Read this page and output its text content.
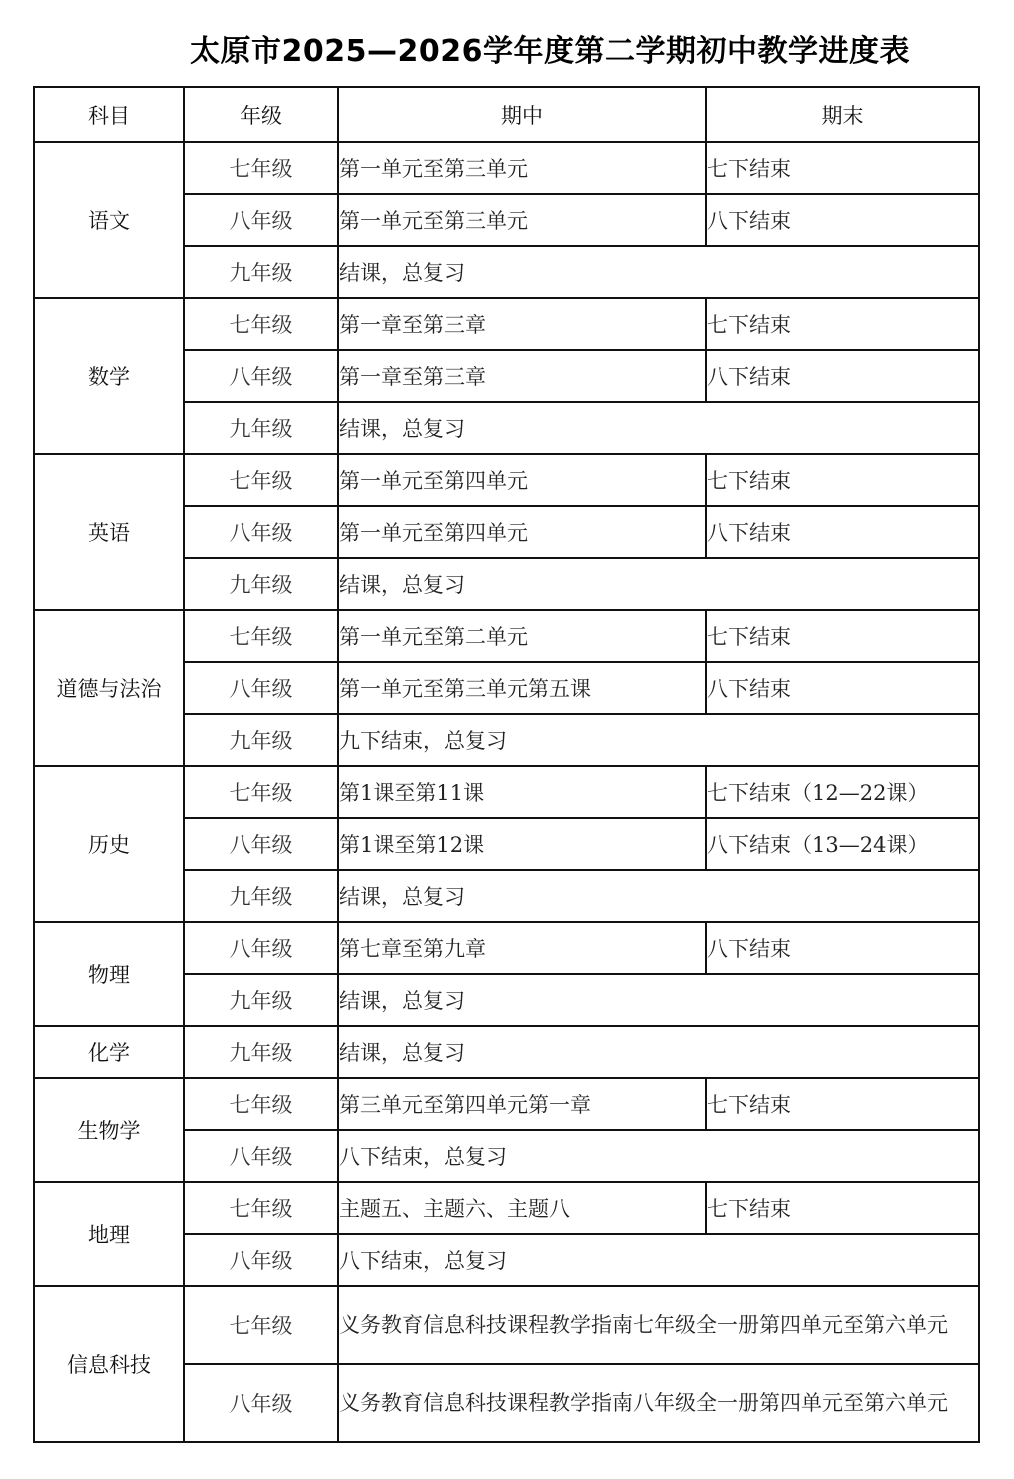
太原市2025—2026学年度第二学期初中教学进度表
科目	年级	期中	期末
语文	七年级	第一单元至第三单元	七下结束
	八年级	第一单元至第三单元	八下结束
	九年级	结课，总复习	
数学	七年级	第一章至第三章	七下结束
	八年级	第一章至第三章	八下结束
	九年级	结课，总复习	
英语	七年级	第一单元至第四单元	七下结束
	八年级	第一单元至第四单元	八下结束
	九年级	结课，总复习	
道德与法治	七年级	第一单元至第二单元	七下结束
	八年级	第一单元至第三单元第五课	八下结束
	九年级	九下结束，总复习	
历史	七年级	第1课至第11课	七下结束（12—22课）
	八年级	第1课至第12课	八下结束（13—24课）
	九年级	结课，总复习	
物理	八年级	第七章至第九章	八下结束
	九年级	结课，总复习	
化学	九年级	结课，总复习	
生物学	七年级	第三单元至第四单元第一章	七下结束
	八年级	八下结束，总复习	
地理	七年级	主题五、主题六、主题八	七下结束
	八年级	八下结束，总复习	
信息科技	七年级	义务教育信息科技课程教学指南七年级全一册第四单元至第六单元	
	八年级	义务教育信息科技课程教学指南八年级全一册第四单元至第六单元	
